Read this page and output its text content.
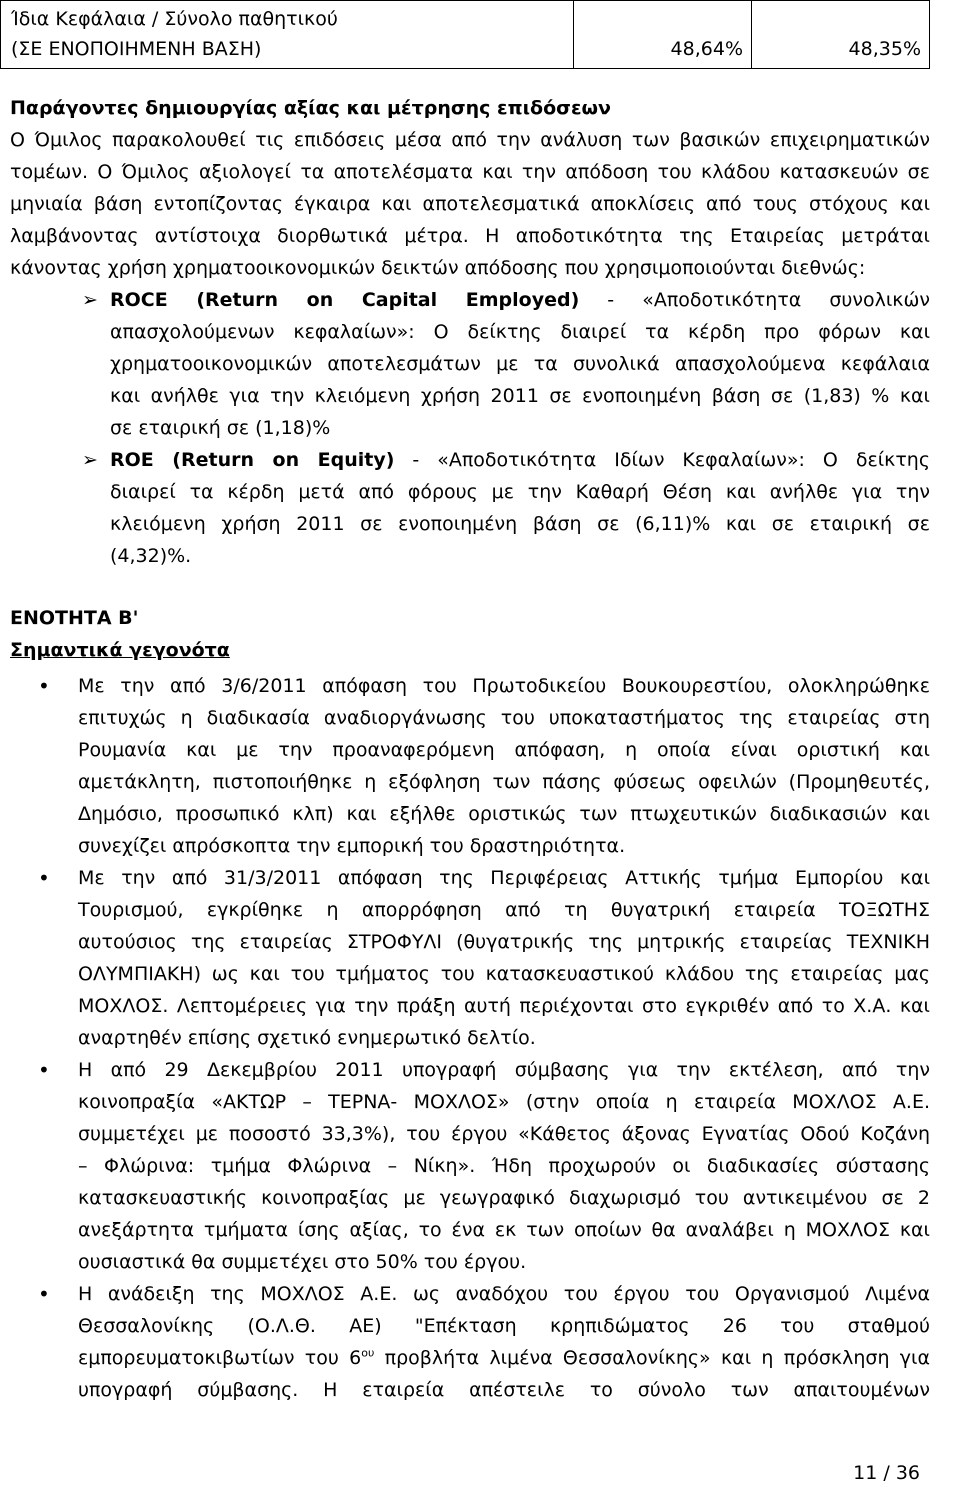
Ίδια Κεφάλαια / Σύνολο παθητικού
(ΣΕ ΕΝΟΠΟΙΗΜΕΝΗ ΒΑΣΗ)	48,64%	48,35%
Παράγοντες δημιουργίας αξίας και μέτρησης επιδόσεων
Ο Όμιλος παρακολουθεί τις επιδόσεις μέσα από την ανάλυση των βασικών επιχειρηματικών
τομέων. Ο Όμιλος αξιολογεί τα αποτελέσματα και την απόδοση του κλάδου κατασκευών σε
μηνιαία βάση εντοπίζοντας έγκαιρα και αποτελεσματικά αποκλίσεις από τους στόχους και
λαμβάνοντας αντίστοιχα διορθωτικά μέτρα. Η αποδοτικότητα της Εταιρείας μετράται
κάνοντας χρήση χρηματοοικονομικών δεικτών απόδοσης που χρησιμοποιούνται διεθνώς:
➢ ROCE (Return on Capital Employed) - «Αποδοτικότητα συνολικών
απασχολούμενων κεφαλαίων»: Ο δείκτης διαιρεί τα κέρδη προ φόρων και
χρηματοοικονομικών αποτελεσμάτων με τα συνολικά απασχολούμενα κεφάλαια
και ανήλθε για την κλειόμενη χρήση 2011 σε ενοποιημένη βάση σε (1,83) % και
σε εταιρική σε (1,18)%
➢ ROE (Return on Equity) - «Αποδοτικότητα Ιδίων Κεφαλαίων»: Ο δείκτης
διαιρεί τα κέρδη μετά από φόρους με την Καθαρή Θέση και ανήλθε για την
κλειόμενη χρήση 2011 σε ενοποιημένη βάση σε (6,11)% και σε εταιρική σε
(4,32)%.
ΕΝΟΤΗΤΑ Β'
Σημαντικά γεγονότα
• Με την από 3/6/2011 απόφαση του Πρωτοδικείου Βουκουρεστίου, ολοκληρώθηκε
επιτυχώς η διαδικασία αναδιοργάνωσης του υποκαταστήματος της εταιρείας στη
Ρουμανία και με την προαναφερόμενη απόφαση, η οποία είναι οριστική και
αμετάκλητη, πιστοποιήθηκε η εξόφληση των πάσης φύσεως οφειλών (Προμηθευτές,
Δημόσιο, προσωπικό κλπ) και εξήλθε οριστικώς των πτωχευτικών διαδικασιών και
συνεχίζει απρόσκοπτα την εμπορική του δραστηριότητα.
• Με την από 31/3/2011 απόφαση της Περιφέρειας Αττικής τμήμα Εμπορίου και
Τουρισμού, εγκρίθηκε η απορρόφηση από τη θυγατρική εταιρεία ΤΟΞΩΤΗΣ
αυτούσιος της εταιρείας ΣΤΡΟΦΥΛΙ (θυγατρικής της μητρικής εταιρείας ΤΕΧΝΙΚΗ
ΟΛΥΜΠΙΑΚΗ) ως και του τμήματος του κατασκευαστικού κλάδου της εταιρείας μας
ΜΟΧΛΟΣ. Λεπτομέρειες για την πράξη αυτή περιέχονται στο εγκριθέν από το Χ.Α. και
αναρτηθέν επίσης σχετικό ενημερωτικό δελτίο.
• Η από 29 Δεκεμβρίου 2011 υπογραφή σύμβασης για την εκτέλεση, από την
κοινοπραξία «ΑΚΤΩΡ – ΤΕΡΝΑ- ΜΟΧΛΟΣ» (στην οποία η εταιρεία ΜΟΧΛΟΣ Α.Ε.
συμμετέχει με ποσοστό 33,3%), του έργου «Κάθετος άξονας Εγνατίας Οδού Κοζάνη
– Φλώρινα: τμήμα Φλώρινα – Νίκη». Ήδη προχωρούν οι διαδικασίες σύστασης
κατασκευαστικής κοινοπραξίας με γεωγραφικό διαχωρισμό του αντικειμένου σε 2
ανεξάρτητα τμήματα ίσης αξίας, το ένα εκ των οποίων θα αναλάβει η ΜΟΧΛΟΣ και
ουσιαστικά θα συμμετέχει στο 50% του έργου.
• Η ανάδειξη της ΜΟΧΛΟΣ Α.Ε. ως αναδόχου του έργου του Οργανισμού Λιμένα
Θεσσαλονίκης (Ο.Λ.Θ. ΑΕ) "Επέκταση κρηπιδώματος 26 του σταθμού
εμπορευματοκιβωτίων του $6^{o\upsilon}$ προβλήτα λιμένα Θεσσαλονίκης» και η πρόσκληση για
υπογραφή σύμβασης. Η εταιρεία απέστειλε το σύνολο των απαιτουμένων
11 / 36
